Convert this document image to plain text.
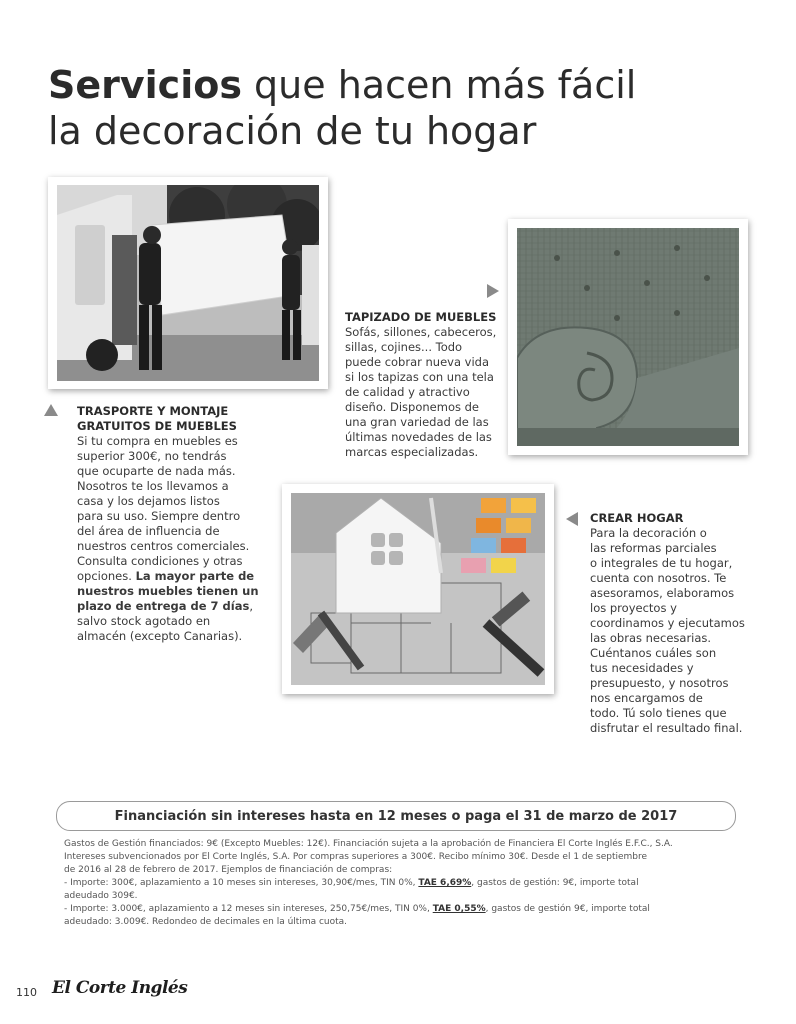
Servicios que hacen más fácil
la decoración de tu hogar
TRASPORTE Y MONTAJE
GRATUITOS DE MUEBLES

Si tu compra en muebles es

superior 300€, no tendrás

que ocuparte de nada más.

Nosotros te los llevamos a

casa y los dejamos listos

para su uso. Siempre dentro

del área de influencia de

nuestros centros comerciales.

Consulta condiciones y otras

opciones. La mayor parte de

nuestros muebles tienen un

plazo de entrega de 7 días,

salvo stock agotado en

almacén (excepto Canarias).

TAPIZADO DE MUEBLES

Sofás, sillones, cabeceros,

sillas, cojines... Todo

puede cobrar nueva vida

si los tapizas con una tela

de calidad y atractivo

diseño. Disponemos de

una gran variedad de las

últimas novedades de las

marcas especializadas.

CREAR HOGAR

Para la decoración o

las reformas parciales

o integrales de tu hogar,

cuenta con nosotros. Te

asesoramos, elaboramos

los proyectos y

coordinamos y ejecutamos

las obras necesarias.

Cuéntanos cuáles son

tus necesidades y

presupuesto, y nosotros

nos encargamos de

todo. Tú solo tienes que

disfrutar el resultado final.

Financiación sin intereses hasta en 12 meses o paga el 31 de marzo de 2017

Gastos de Gestión financiados: 9€ (Excepto Muebles: 12€). Financiación sujeta a la aprobación de Financiera El Corte Inglés E.F.C., S.A.

Intereses subvencionados por El Corte Inglés, S.A. Por compras superiores a 300€. Recibo mínimo 30€. Desde el 1 de septiembre

de 2016 al 28 de febrero de 2017. Ejemplos de financiación de compras:

- Importe: 300€, aplazamiento a 10 meses sin intereses, 30,90€/mes, TIN 0%, TAE 6,69%, gastos de gestión: 9€, importe total

adeudado 309€.

- Importe: 3.000€, aplazamiento a 12 meses sin intereses, 250,75€/mes, TIN 0%, TAE 0,55%, gastos de gestión 9€, importe total

adeudado: 3.009€. Redondeo de decimales en la última cuota.

110 El Corte Inglés
